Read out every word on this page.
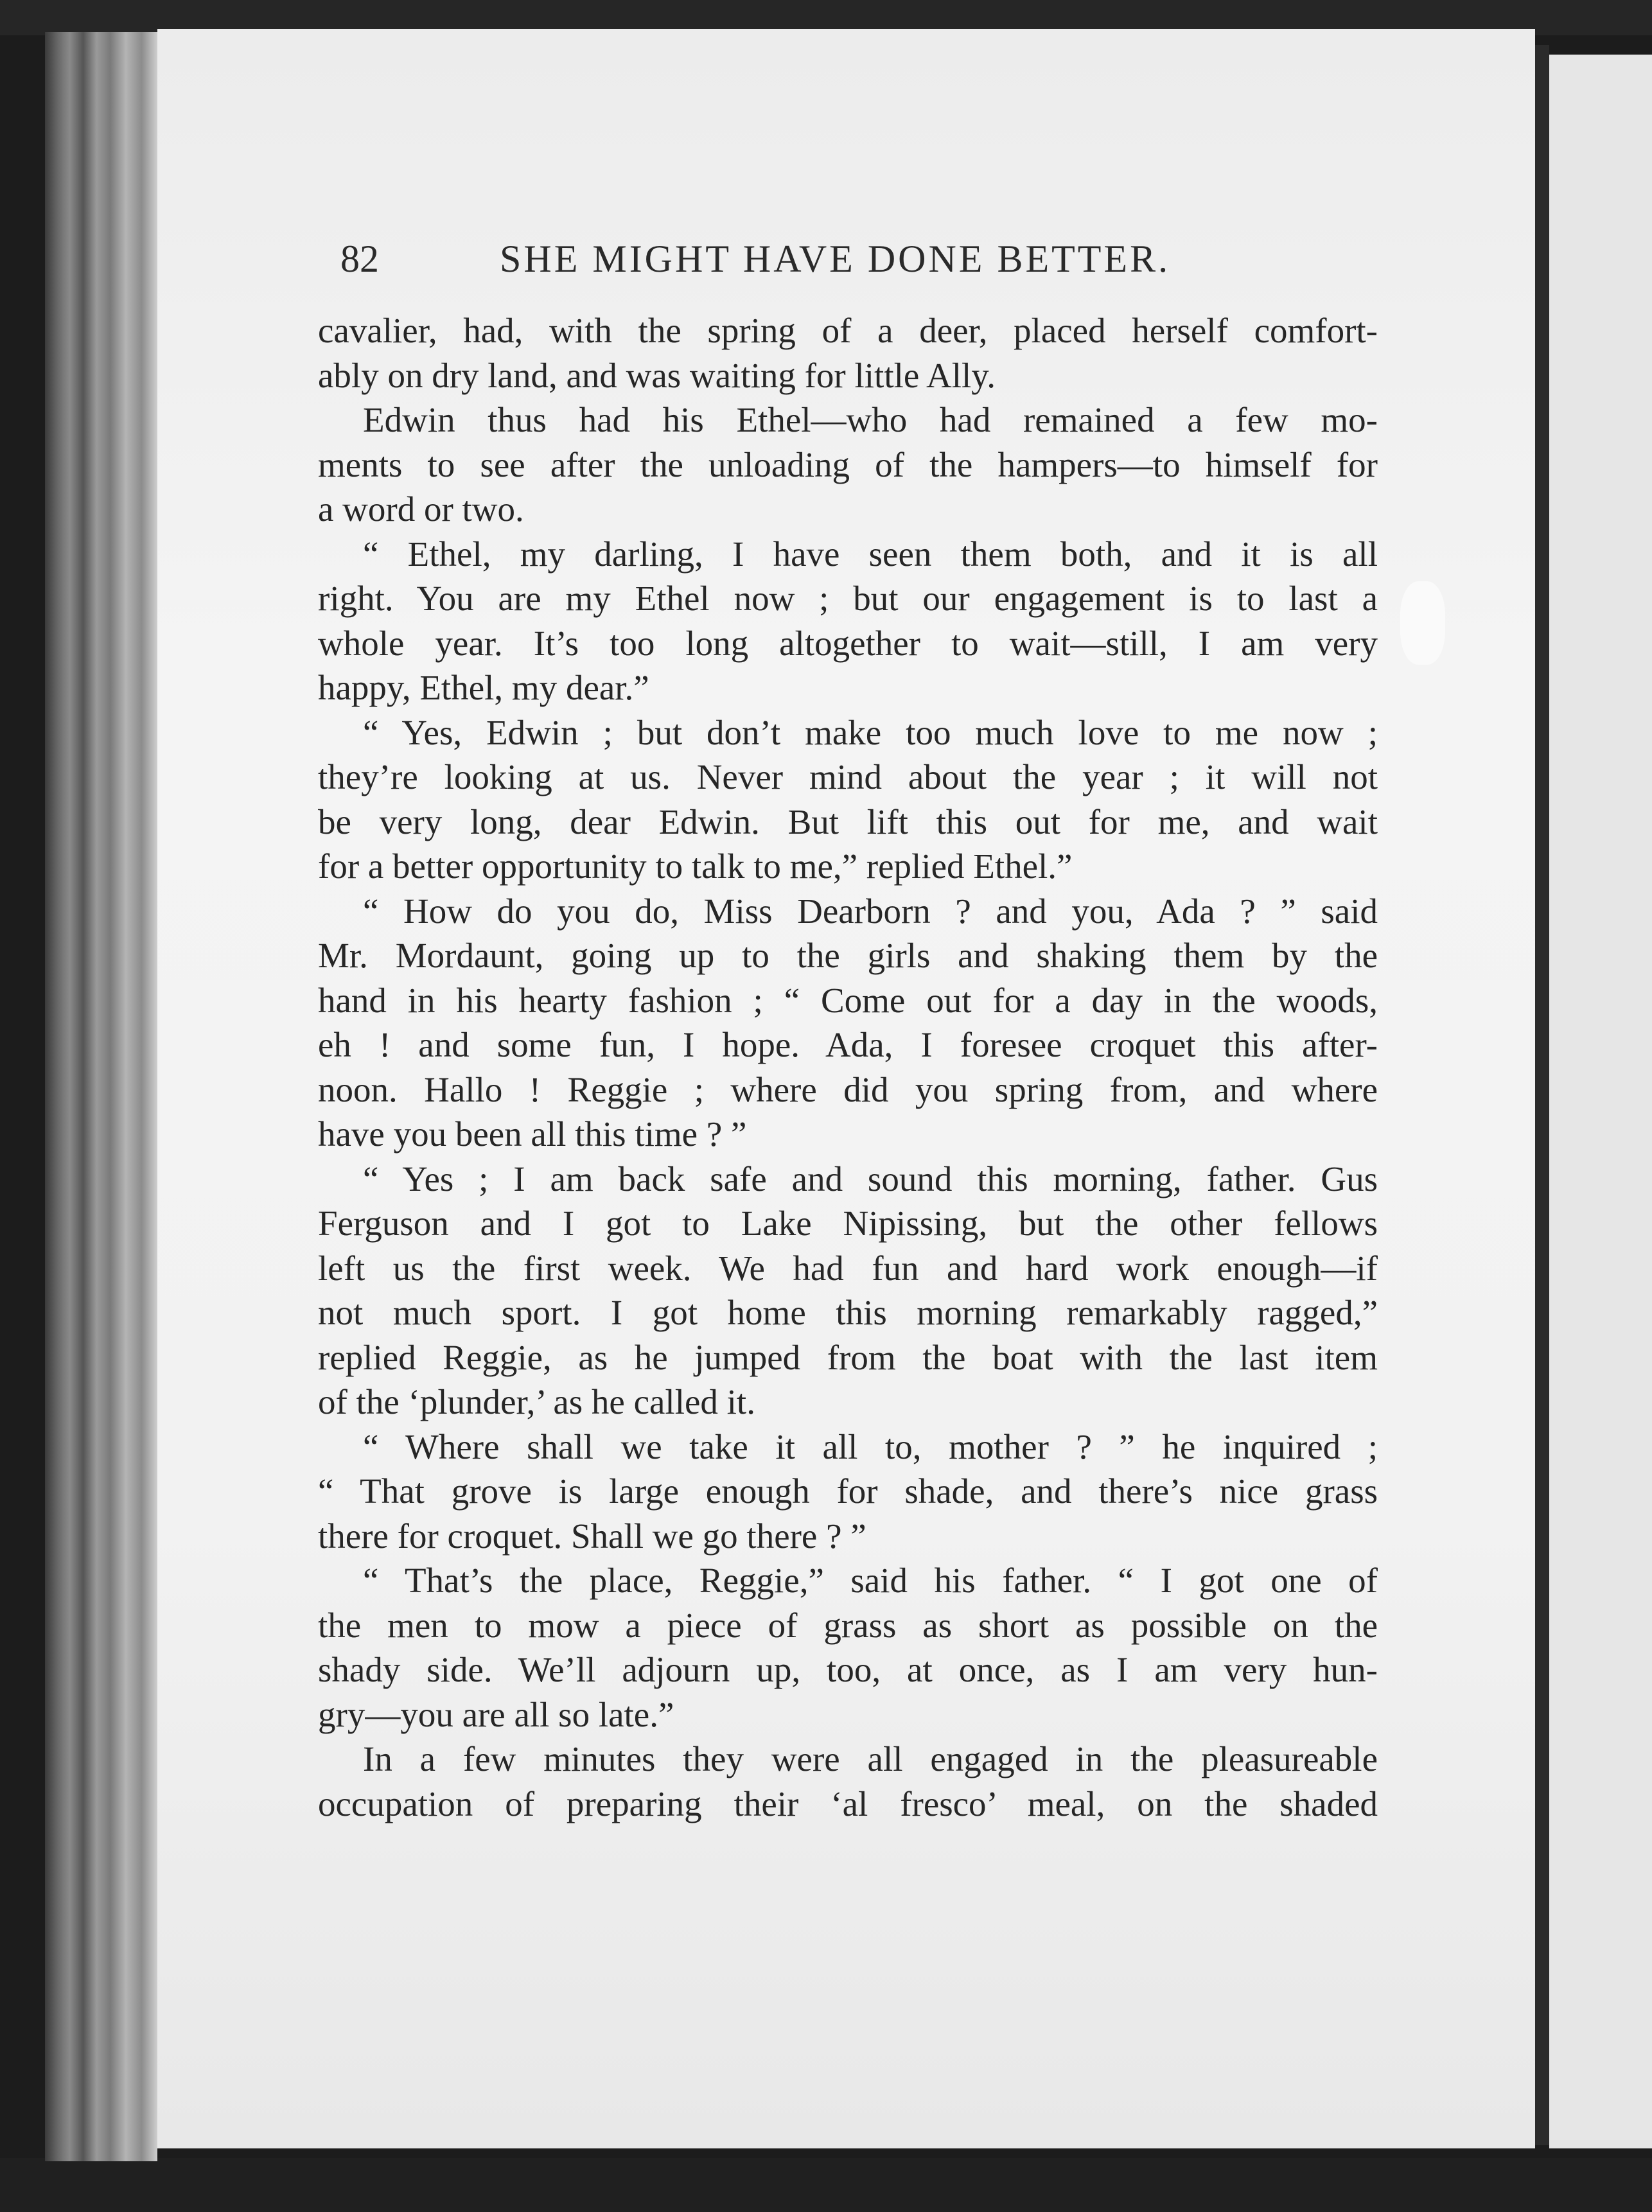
82	SHE MIGHT HAVE DONE BETTER.
cavalier, had, with the spring of a deer, placed herself comfort-
ably on dry land, and was waiting for little Ally.
Edwin thus had his Ethel—who had remained a few mo-
ments to see after the unloading of the hampers—to himself for
a word or two.
“ Ethel, my darling, I have seen them both, and it is all
right. You are my Ethel now ; but our engagement is to last a
whole year. It’s too long altogether to wait—still, I am very
happy, Ethel, my dear.”
“ Yes, Edwin ; but don’t make too much love to me now ;
they’re looking at us. Never mind about the year ; it will not
be very long, dear Edwin. But lift this out for me, and wait
for a better opportunity to talk to me,” replied Ethel.”
“ How do you do, Miss Dearborn ? and you, Ada ? ” said
Mr. Mordaunt, going up to the girls and shaking them by the
hand in his hearty fashion ; “ Come out for a day in the woods,
eh ! and some fun, I hope. Ada, I foresee croquet this after-
noon. Hallo ! Reggie ; where did you spring from, and where
have you been all this time ? ”
“ Yes ; I am back safe and sound this morning, father. Gus
Ferguson and I got to Lake Nipissing, but the other fellows
left us the first week. We had fun and hard work enough—if
not much sport. I got home this morning remarkably ragged,”
replied Reggie, as he jumped from the boat with the last item
of the ‘plunder,’ as he called it.
“ Where shall we take it all to, mother ? ” he inquired ;
“ That grove is large enough for shade, and there’s nice grass
there for croquet. Shall we go there ? ”
“ That’s the place, Reggie,” said his father. “ I got one of
the men to mow a piece of grass as short as possible on the
shady side. We’ll adjourn up, too, at once, as I am very hun-
gry—you are all so late.”
In a few minutes they were all engaged in the pleasureable
occupation of preparing their ‘al fresco’ meal, on the shaded
